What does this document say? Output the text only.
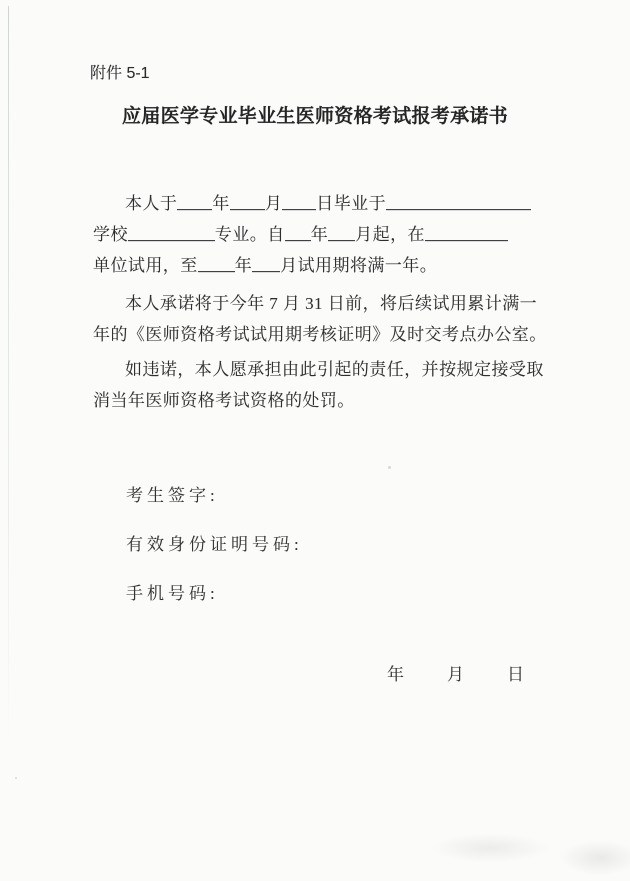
附件 5-1
应届医学专业毕业生医师资格考试报考承诺书
本人于 年 月 日毕业于
学校	专业。自 年 月起，在
单位试用，至 年 月试用期将满一年。
本人承诺将于今年 7 月 31 日前，将后续试用累计满一
年的《医师资格考试试用期考核证明》及时交考点办公室。
如违诺，本人愿承担由此引起的责任，并按规定接受取
消当年医师资格考试资格的处罚。
考生签字:
有效身份证明号码:
手机号码:
年	月	日
